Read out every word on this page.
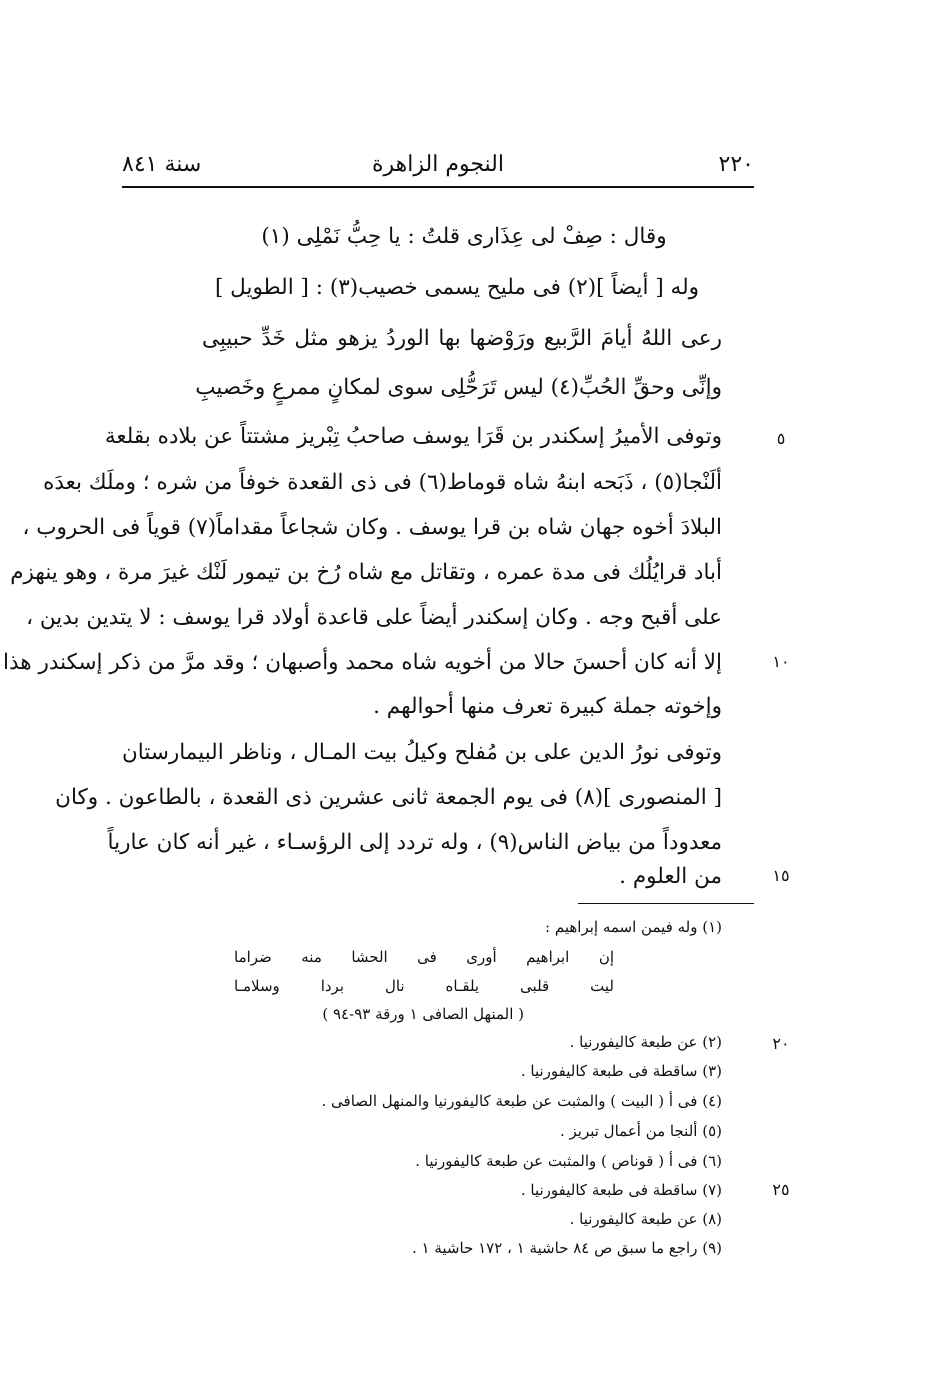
٢٢٠
النجوم الزاهرة
سنة ٨٤١
وقال : صِفْ لى عِذَارى قلتُ : يا حِبُّ نَمْلِى (١)
وله [ أيضاً ](٢) فى مليح يسمى خصيب(٣) : [ الطويل ]
رعى اللهُ أيامَ الرَّبيع ورَوْضها بها الوردُ يزهو مثل خَدِّ حبيبِى
وإنِّى وحقِّ الحُبِّ(٤) ليس تَرَحُّلِى سوى لمكانٍ ممرعٍ وخَصيبِ
وتوفى الأميرُ إسكندر بن قَرَا يوسف صاحبُ تِبْريز مشتتاً عن بلاده بقلعة
ألَنْجا(٥) ، ذَبَحه ابنهُ شاه قوماط(٦) فى ذى القعدة خوفاً من شره ؛ وملَك بعدَه
البلادَ أخوه جهان شاه بن قرا يوسف . وكان شجاعاً مقداماً(٧) قوياً فى الحروب ،
أباد قرايُلُك فى مدة عمره ، وتقاتل مع شاه رُخ بن تيمور لَنْك غيرَ مرة ، وهو ينهزم
على أقبح وجه . وكان إسكندر أيضاً على قاعدة أولاد قرا يوسف : لا يتدين بدين ،
إلا أنه كان أحسنَ حالا من أخويه شاه محمد وأصبهان ؛ وقد مرَّ من ذكر إسكندر هذا
وإخوته جملة كبيرة تعرف منها أحوالهم .
وتوفى نورُ الدين على بن مُفلح وكيلُ بيت المـال ، وناظر البيمارستان
[ المنصورى ](٨) فى يوم الجمعة ثانى عشرين ذى القعدة ، بالطاعون . وكان
معدوداً من بياض الناس(٩) ، وله تردد إلى الرؤسـاء ، غير أنه كان عارياً
من العلوم .
٥
١٠
١٥
٢٠
٢٥
(١) وله فيمن اسمه إبراهيم :
إن ابراهيم أورى فى الحشا منه ضراما
ليت قلبى يلقـاه نال بردا وسلامـا
( المنهل الصافى ١ ورقة ٩٣-٩٤ )
(٢) عن طبعة كاليفورنيا .
(٣) ساقطة فى طبعة كاليفورنيا .
(٤) فى أ ( البيت ) والمثبت عن طبعة كاليفورنيا والمنهل الصافى .
(٥) ألنجا من أعمال تبريز .
(٦) فى أ ( قوناص ) والمثبت عن طبعة كاليفورنيا .
(٧) ساقطة فى طبعة كاليفورنيا .
(٨) عن طبعة كاليفورنيا .
(٩) راجع ما سبق ص ٨٤ حاشية ١ ، ١٧٢ حاشية ١ .
